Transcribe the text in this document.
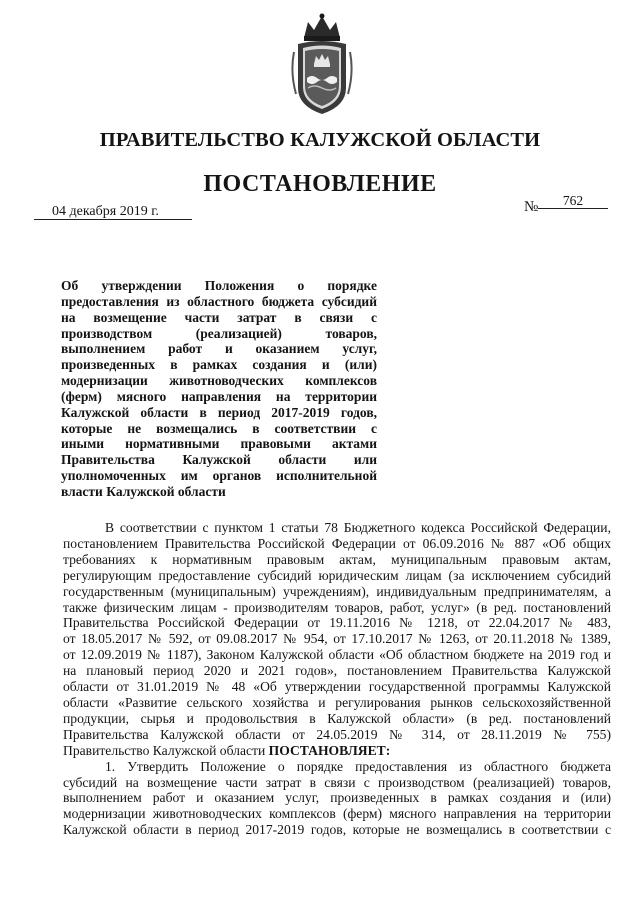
ПРАВИТЕЛЬСТВО КАЛУЖСКОЙ ОБЛАСТИ
ПОСТАНОВЛЕНИЕ
04 декабря 2019 г.	№	762
Об утверждении Положения о порядке
предоставления из областного бюджета субсидий
на возмещение части затрат в связи с
производством (реализацией) товаров,
выполнением работ и оказанием услуг,
произведенных в рамках создания и (или)
модернизации животноводческих комплексов
(ферм) мясного направления на территории
Калужской области в период 2017-2019 годов,
которые не возмещались в соответствии с
иными нормативными правовыми актами
Правительства Калужской области или
уполномоченных им органов исполнительной
власти Калужской области
В соответствии с пунктом 1 статьи 78 Бюджетного кодекса Российской Федерации,
постановлением Правительства Российской Федерации от 06.09.2016 № 887 «Об общих
требованиях к нормативным правовым актам, муниципальным правовым актам,
регулирующим предоставление субсидий юридическим лицам (за исключением субсидий
государственным (муниципальным) учреждениям), индивидуальным предпринимателям, а
также физическим лицам - производителям товаров, работ, услуг» (в ред. постановлений
Правительства Российской Федерации от 19.11.2016 № 1218, от 22.04.2017 № 483,
от 18.05.2017 № 592, от 09.08.2017 № 954, от 17.10.2017 № 1263, от 20.11.2018 № 1389,
от 12.09.2019 № 1187), Законом Калужской области «Об областном бюджете на 2019 год и
на плановый период 2020 и 2021 годов», постановлением Правительства Калужской
области от 31.01.2019 № 48 «Об утверждении государственной программы Калужской
области «Развитие сельского хозяйства и регулирования рынков сельскохозяйственной
продукции, сырья и продовольствия в Калужской области» (в ред. постановлений
Правительства Калужской области от 24.05.2019 № 314, от 28.11.2019 № 755)
Правительство Калужской области ПОСТАНОВЛЯЕТ:
1. Утвердить Положение о порядке предоставления из областного бюджета
субсидий на возмещение части затрат в связи с производством (реализацией) товаров,
выполнением работ и оказанием услуг, произведенных в рамках создания и (или)
модернизации животноводческих комплексов (ферм) мясного направления на территории
Калужской области в период 2017-2019 годов, которые не возмещались в соответствии с
